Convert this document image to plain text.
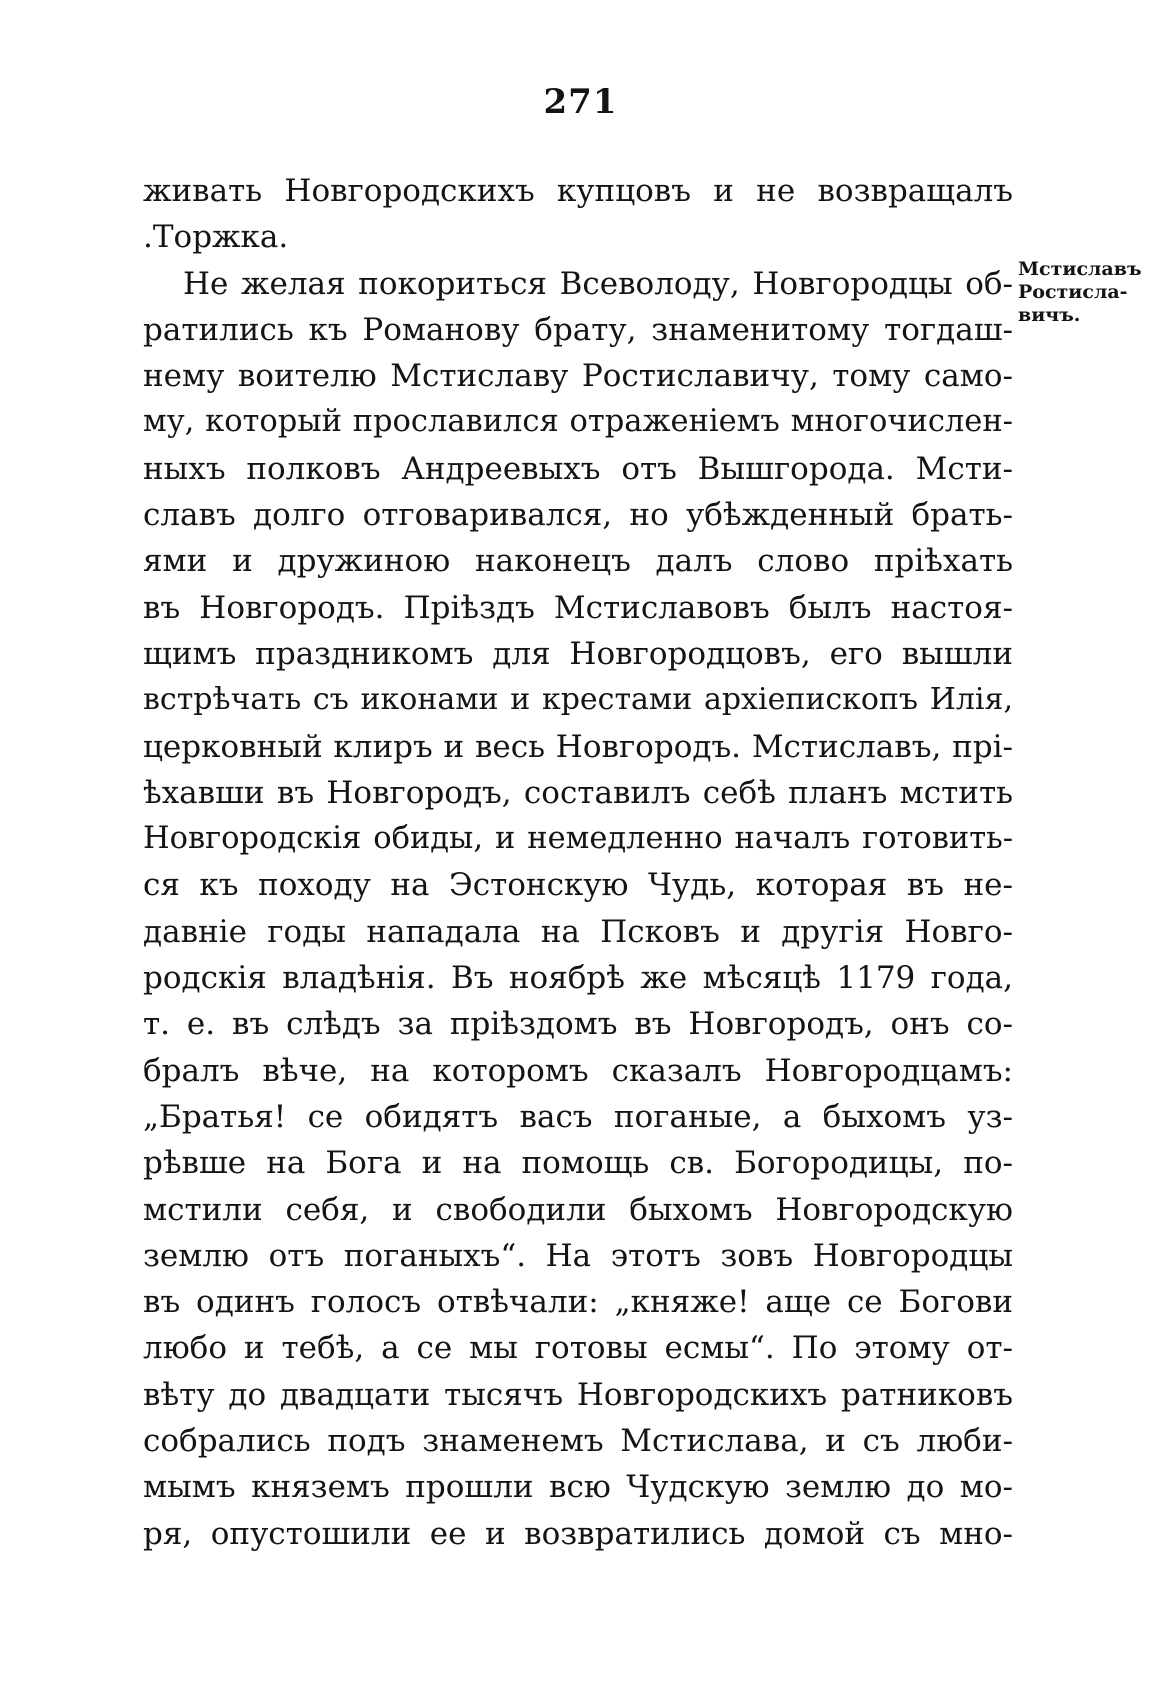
271
Мстиславъ
Ростисла-
вичъ.
живать Новгородскихъ купцовъ и не возвращалъ
.Торжка.
Не желая покориться Всеволоду, Новгородцы об-
ратились къ Романову брату, знаменитому тогдаш-
нему воителю Мстиславу Ростиславичу, тому само-
му, который прославился отраженіемъ многочислен-
ныхъ полковъ Андреевыхъ отъ Вышгорода. Мсти-
славъ долго отговаривался, но убѣжденный брать-
ями и дружиною наконецъ далъ слово пріѣхать
въ Новгородъ. Пріѣздъ Мстиславовъ былъ настоя-
щимъ праздникомъ для Новгородцовъ, его вышли
встрѣчать съ иконами и крестами архіепископъ Илія,
церковный клиръ и весь Новгородъ. Мстиславъ, прі-
ѣхавши въ Новгородъ, составилъ себѣ планъ мстить
Новгородскія обиды, и немедленно началъ готовить-
ся къ походу на Эстонскую Чудь, которая въ не-
давніе годы нападала на Псковъ и другія Новго-
родскія владѣнія. Въ ноябрѣ же мѣсяцѣ 1179 года,
т. е. въ слѣдъ за пріѣздомъ въ Новгородъ, онъ со-
бралъ вѣче, на которомъ сказалъ Новгородцамъ:
„Братья! се обидятъ васъ поганые, а быхомъ уз-
рѣвше на Бога и на помощь св. Богородицы, по-
мстили себя, и свободили быхомъ Новгородскую
землю отъ поганыхъ“. На этотъ зовъ Новгородцы
въ одинъ голосъ отвѣчали: „княже! аще се Богови
любо и тебѣ, а се мы готовы есмы“. По этому от-
вѣту до двадцати тысячъ Новгородскихъ ратниковъ
собрались подъ знаменемъ Мстислава, и съ люби-
мымъ княземъ прошли всю Чудскую землю до мо-
ря, опустошили ее и возвратились домой съ мно-
